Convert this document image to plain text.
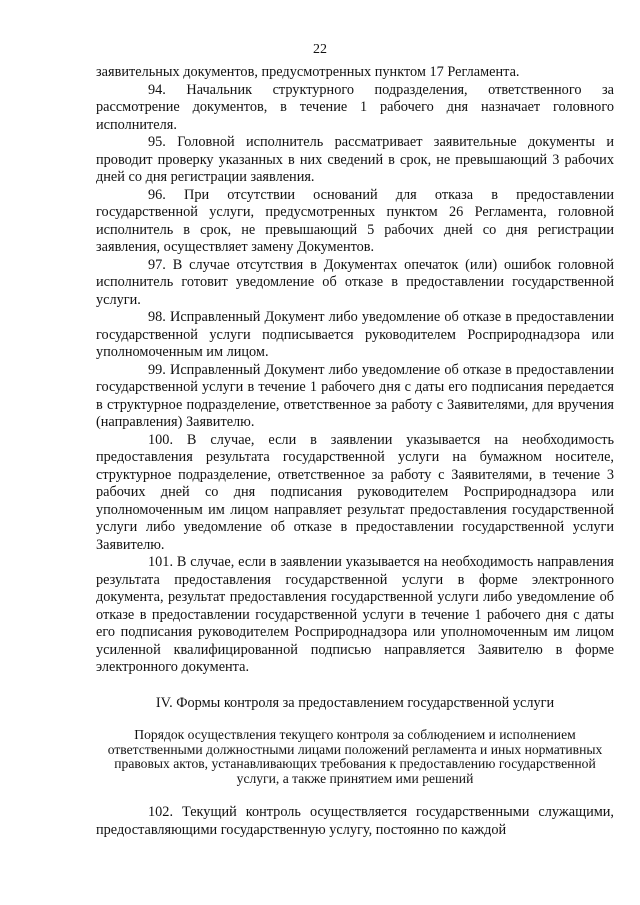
22

заявительных документов, предусмотренных пунктом 17 Регламента.

94. Начальник структурного подразделения, ответственного за рассмотрение документов, в течение 1 рабочего дня назначает головного исполнителя.

95. Головной исполнитель рассматривает заявительные документы и проводит проверку указанных в них сведений в срок, не превышающий 3 рабочих дней со дня регистрации заявления.

96. При отсутствии оснований для отказа в предоставлении государственной услуги, предусмотренных пунктом 26 Регламента, головной исполнитель в срок, не превышающий 5 рабочих дней со дня регистрации заявления, осуществляет замену Документов.

97. В случае отсутствия в Документах опечаток (или) ошибок головной исполнитель готовит уведомление об отказе в предоставлении государственной услуги.

98. Исправленный Документ либо уведомление об отказе в предоставлении государственной услуги подписывается руководителем Росприроднадзора или уполномоченным им лицом.

99. Исправленный Документ либо уведомление об отказе в предоставлении государственной услуги в течение 1 рабочего дня с даты его подписания передается в структурное подразделение, ответственное за работу с Заявителями, для вручения (направления) Заявителю.

100. В случае, если в заявлении указывается на необходимость предоставления результата государственной услуги на бумажном носителе, структурное подразделение, ответственное за работу с Заявителями, в течение 3 рабочих дней со дня подписания руководителем Росприроднадзора или уполномоченным им лицом направляет результат предоставления государственной услуги либо уведомление об отказе в предоставлении государственной услуги Заявителю.

101. В случае, если в заявлении указывается на необходимость направления результата предоставления государственной услуги в форме электронного документа, результат предоставления государственной услуги либо уведомление об отказе в предоставлении государственной услуги в течение 1 рабочего дня с даты его подписания руководителем Росприроднадзора или уполномоченным им лицом усиленной квалифицированной подписью направляется Заявителю в форме электронного документа.

IV. Формы контроля за предоставлением государственной услуги

Порядок осуществления текущего контроля за соблюдением и исполнением ответственными должностными лицами положений регламента и иных нормативных правовых актов, устанавливающих требования к предоставлению государственной услуги, а также принятием ими решений

102. Текущий контроль осуществляется государственными служащими, предоставляющими государственную услугу, постоянно по каждой
